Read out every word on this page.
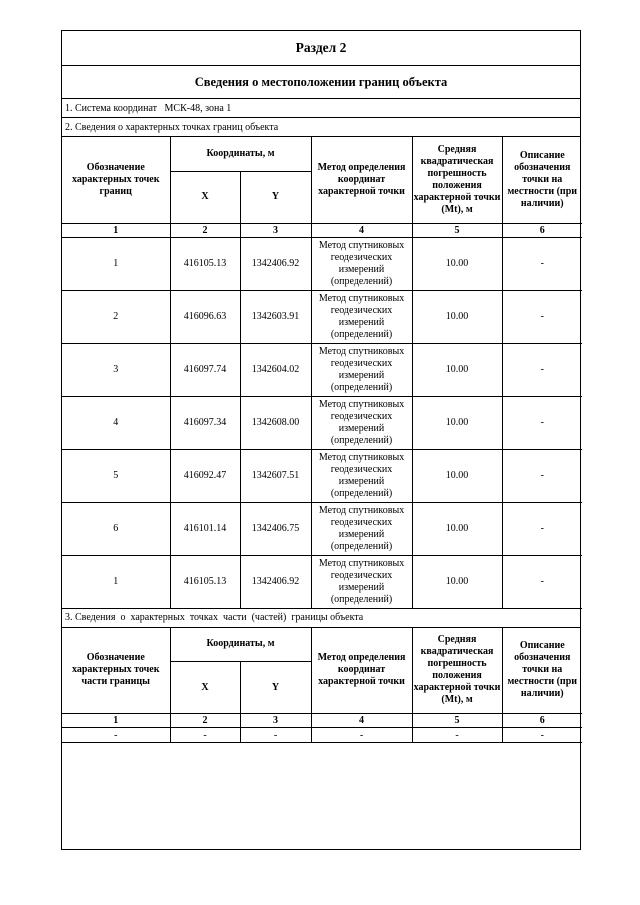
Раздел 2
Сведения о местоположении границ объекта
1. Система координат   МСК-48, зона 1
2. Сведения о характерных точках границ объекта
Обозначение характерных точек границ	Координаты, м		Метод определения координат характерной точки	Средняя квадратическая погрешность положения характерной точки (Mt), м	Описание обозначения точки на местности (при наличии)
	X	Y			
1	2	3	4	5	6
1	416105.13	1342406.92	Метод спутниковых геодезических измерений (определений)	10.00	-
2	416096.63	1342603.91	Метод спутниковых геодезических измерений (определений)	10.00	-
3	416097.74	1342604.02	Метод спутниковых геодезических измерений (определений)	10.00	-
4	416097.34	1342608.00	Метод спутниковых геодезических измерений (определений)	10.00	-
5	416092.47	1342607.51	Метод спутниковых геодезических измерений (определений)	10.00	-
6	416101.14	1342406.75	Метод спутниковых геодезических измерений (определений)	10.00	-
1	416105.13	1342406.92	Метод спутниковых геодезических измерений (определений)	10.00	-
3. Сведения  о  характерных  точках  части  (частей)  границы объекта
Обозначение характерных точек части границы	Координаты, м		Метод определения координат характерной точки	Средняя квадратическая погрешность положения характерной точки (Mt), м	Описание обозначения точки на местности (при наличии)
	X	Y			
1	2	3	4	5	6
-	-	-	-	-	-
